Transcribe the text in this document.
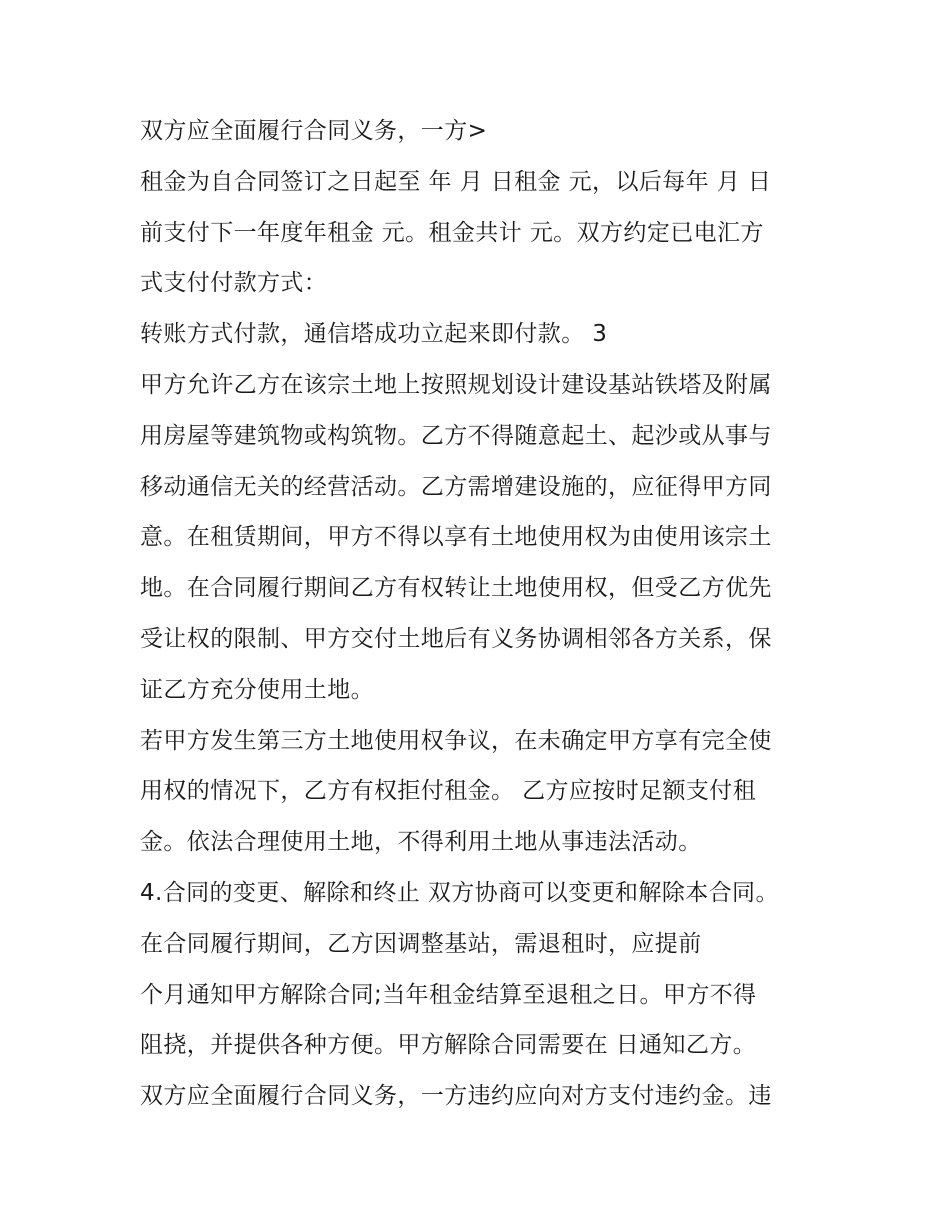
双方应全面履行合同义务，一方>

租金为自合同签订之日起至 年 月 日租金 元，以后每年 月 日

前支付下一年度年租金 元。租金共计 元。双方约定已电汇方

式支付付款方式：

转账方式付款，通信塔成功立起来即付款。 3

甲方允许乙方在该宗土地上按照规划设计建设基站铁塔及附属

用房屋等建筑物或构筑物。乙方不得随意起土、起沙或从事与

移动通信无关的经营活动。乙方需增建设施的，应征得甲方同

意。在租赁期间，甲方不得以享有土地使用权为由使用该宗土

地。在合同履行期间乙方有权转让土地使用权，但受乙方优先

受让权的限制、甲方交付土地后有义务协调相邻各方关系，保

证乙方充分使用土地。

若甲方发生第三方土地使用权争议，在未确定甲方享有完全使

用权的情况下，乙方有权拒付租金。 乙方应按时足额支付租

金。依法合理使用土地，不得利用土地从事违法活动。

4.合同的变更、解除和终止 双方协商可以变更和解除本合同。

在合同履行期间，乙方因调整基站，需退租时，应提前

个月通知甲方解除合同;当年租金结算至退租之日。甲方不得

阻挠，并提供各种方便。甲方解除合同需要在 日通知乙方。

双方应全面履行合同义务，一方违约应向对方支付违约金。违
